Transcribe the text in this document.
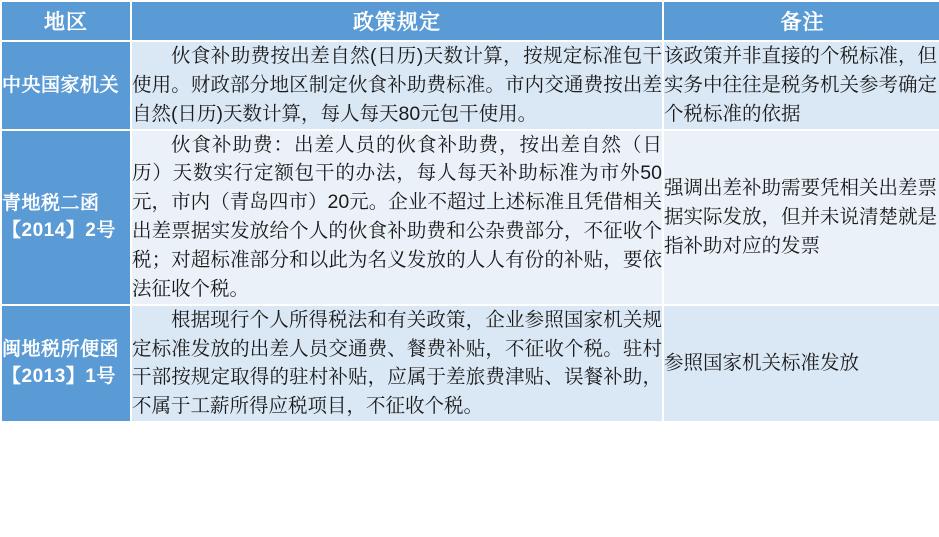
地区	政策规定	备注
中央国家机关	伙食补助费按出差自然(日历)天数计算，按规定标准包干使用。财政部分地区制定伙食补助费标准。市内交通费按出差自然(日历)天数计算，每人每天80元包干使用。	该政策并非直接的个税标准，但实务中往往是税务机关参考确定个税标准的依据
青地税二函【2014】2号	伙食补助费：出差人员的伙食补助费，按出差自然（日历）天数实行定额包干的办法，每人每天补助标准为市外50元，市内（青岛四市）20元。企业不超过上述标准且凭借相关出差票据实发放给个人的伙食补助费和公杂费部分，不征收个税；对超标准部分和以此为名义发放的人人有份的补贴，要依法征收个税。	强调出差补助需要凭相关出差票据实际发放，但并未说清楚就是指补助对应的发票
闽地税所便函【2013】1号	根据现行个人所得税法和有关政策，企业参照国家机关规定标准发放的出差人员交通费、餐费补贴，不征收个税。驻村干部按规定取得的驻村补贴，应属于差旅费津贴、误餐补助，不属于工薪所得应税项目，不征收个税。	参照国家机关标准发放
